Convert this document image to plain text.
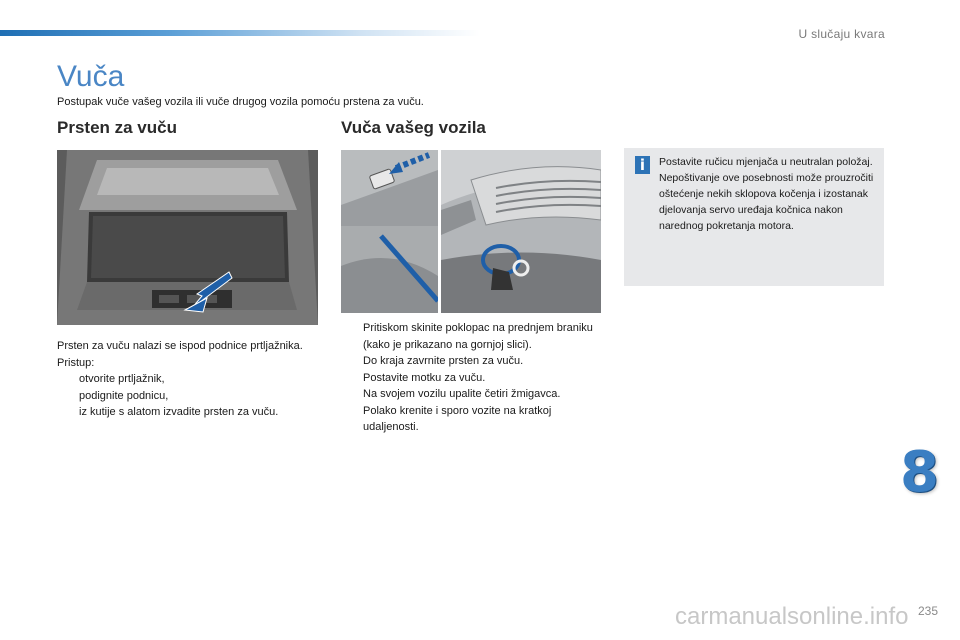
U slučaju kvara
Vuča
Postupak vuče vašeg vozila ili vuče drugog vozila pomoću prstena za vuču.
Prsten za vuču	Vuča vašeg vozila
i	Postavite ručicu mjenjača u neutralan položaj. Nepoštivanje ove posebnosti može prouzročiti oštećenje nekih sklopova kočenja i izostanak djelovanja servo uređaja kočnica nakon narednog pokretanja motora.

Prsten za vuču nalazi se ispod podnice prtljažnika.

Pristup:

otvorite prtljažnik,
podignite podnicu,
iz kutije s alatom izvadite prsten za vuču.
Pritiskom skinite poklopac na prednjem braniku (kako je prikazano na gornjoj slici).
Do kraja zavrnite prsten za vuču.
Postavite motku za vuču.
Na svojem vozilu upalite četiri žmigavca.
Polako krenite i sporo vozite na kratkoj udaljenosti.
8
carmanualsonline.info 235
